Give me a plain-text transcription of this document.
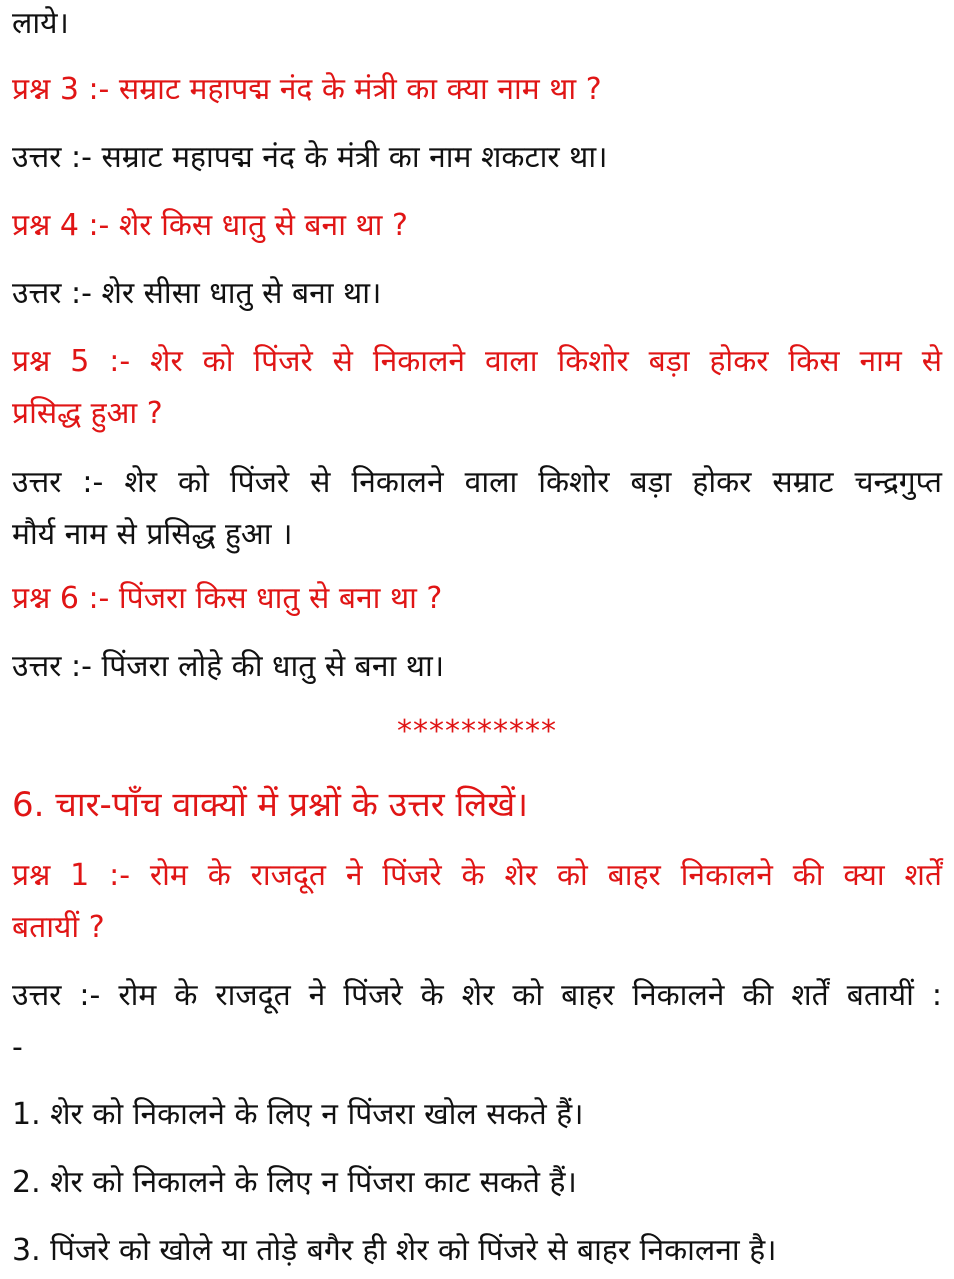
लाये।
प्रश्न 3 :- सम्राट महापद्म नंद के मंत्री का क्या नाम था ?
उत्तर :- सम्राट महापद्म नंद के मंत्री का नाम शकटार था।
प्रश्न 4 :- शेर किस धातु से बना था ?
उत्तर :- शेर सीसा धातु से बना था।
प्रश्न 5 :- शेर को पिंजरे से निकालने वाला किशोर बड़ा होकर किस नाम से
प्रसिद्ध हुआ ?
उत्तर :- शेर को पिंजरे से निकालने वाला किशोर बड़ा होकर सम्राट चन्द्रगुप्त
मौर्य नाम से प्रसिद्ध हुआ ।
प्रश्न 6 :- पिंजरा किस धातु से बना था ?
उत्तर :- पिंजरा लोहे की धातु से बना था।
**********
6. चार-पाँच वाक्यों में प्रश्नों के उत्तर लिखें।
प्रश्न 1 :- रोम के राजदूत ने पिंजरे के शेर को बाहर निकालने की क्या शर्तें
बतायीं ?
उत्तर :- रोम के राजदूत ने पिंजरे के शेर को बाहर निकालने की शर्तें बतायीं :
-
1. शेर को निकालने के लिए न पिंजरा खोल सकते हैं।
2. शेर को निकालने के लिए न पिंजरा काट सकते हैं।
3. पिंजरे को खोले या तोड़े बगैर ही शेर को पिंजरे से बाहर निकालना है।
